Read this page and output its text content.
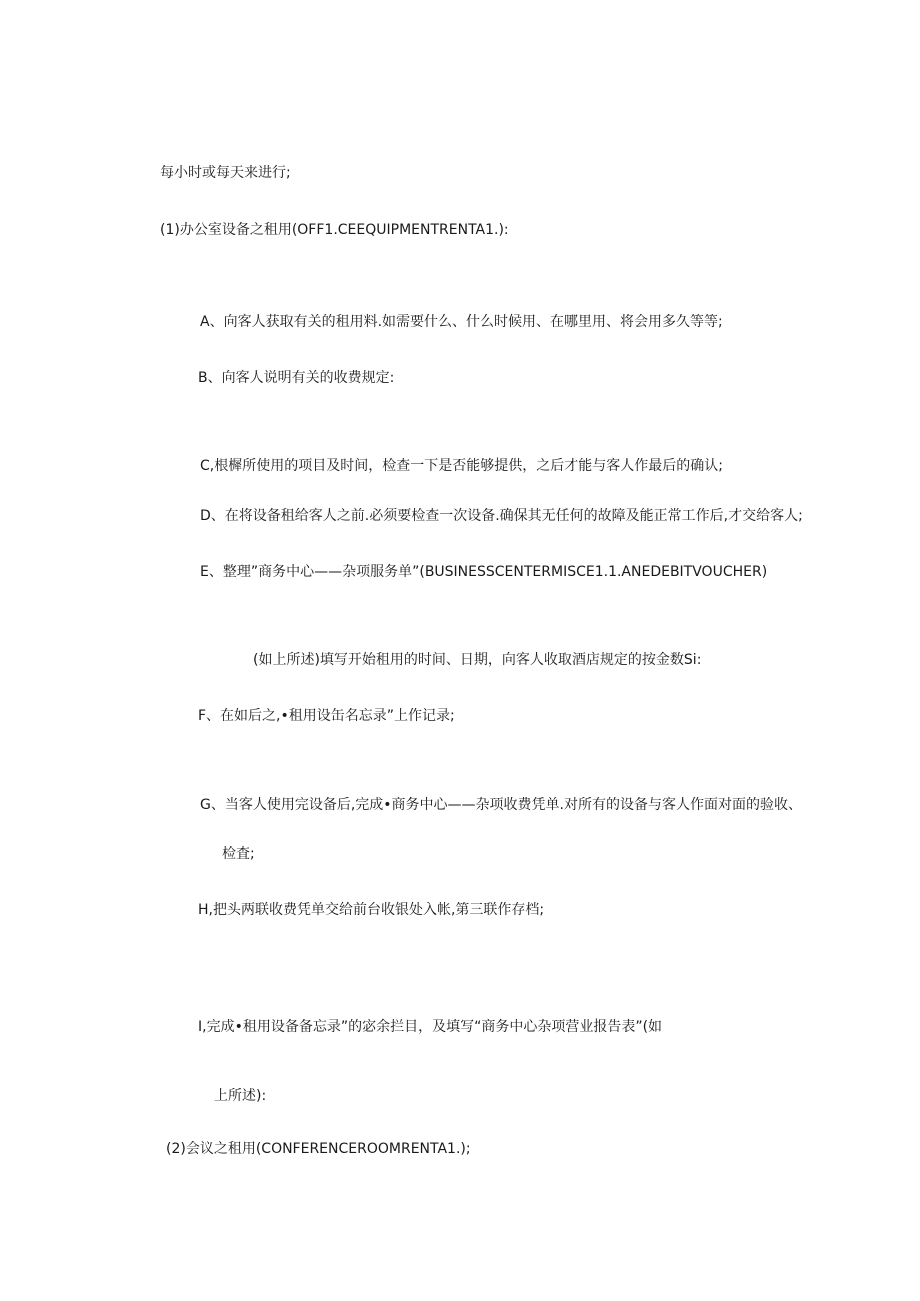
每小时或每天来进行;

(1)办公室设备之租用(OFF1.CEEQUIPMENTRENTA1.):

A、向客人获取有关的租用料.如需要什么、什么时候用、在哪里用、将会用多久等等;

B、向客人说明有关的收费规定:

C,根樨所使用的项目及时间，检查一下是否能够提供，之后才能与客人作最后的确认;

D、在将设备租给客人之前.必须要检查一次设备.确保其无任何的故障及能正常工作后,才交给客人;

E、整理”商务中心——杂项服务单”(BUSINESSCENTERMISCE1.1.ANEDEBITVOUCHER)

(如上所述)填写开始租用的时间、日期，向客人收取酒店规定的按金数Si:

F、在如后之,•租用设缶名忘录”上作记录;

G、当客人使用完设备后,完成•商务中心——杂项收费凭单.对所有的设备与客人作面对面的验收、

检査;

H,把头两联收费凭单交给前台收银处入帐,第三联作存档;

I,完成•租用设备备忘录”的宓余拦目，及填写“商务中心杂项营业报告表”(如

上所述):

(2)会议之租用(CONFERENCEROOMRENTA1.);
